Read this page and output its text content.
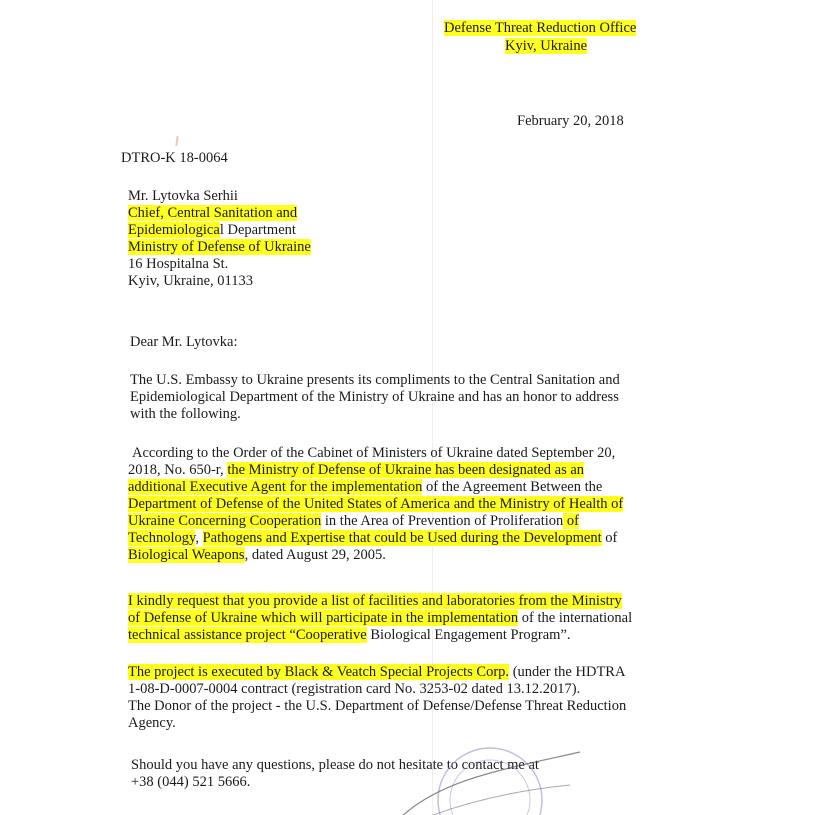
Defense Threat Reduction Office
Kyiv, Ukraine
February 20, 2018
DTRO-K 18-0064
Mr. Lytovka Serhii
Chief, Central Sanitation and
Epidemiological Department
Ministry of Defense of Ukraine
16 Hospitalna St.
Kyiv, Ukraine, 01133
Dear Mr. Lytovka:
The U.S. Embassy to Ukraine presents its compliments to the Central Sanitation and
Epidemiological Department of the Ministry of Ukraine and has an honor to address
with the following.
According to the Order of the Cabinet of Ministers of Ukraine dated September 20,
2018, No. 650-r, the Ministry of Defense of Ukraine has been designated as an
additional Executive Agent for the implementation of the Agreement Between the
Department of Defense of the United States of America and the Ministry of Health of
Ukraine Concerning Cooperation in the Area of Prevention of Proliferation of
Technology, Pathogens and Expertise that could be Used during the Development of
Biological Weapons, dated August 29, 2005.
I kindly request that you provide a list of facilities and laboratories from the Ministry
of Defense of Ukraine which will participate in the implementation of the international
technical assistance project “Cooperative Biological Engagement Program”.
The project is executed by Black & Veatch Special Projects Corp. (under the HDTRA
1-08-D-0007-0004 contract (registration card No. 3253-02 dated 13.12.2017).
The Donor of the project - the U.S. Department of Defense/Defense Threat Reduction
Agency.
Should you have any questions, please do not hesitate to contact me at
+38 (044) 521 5666.
